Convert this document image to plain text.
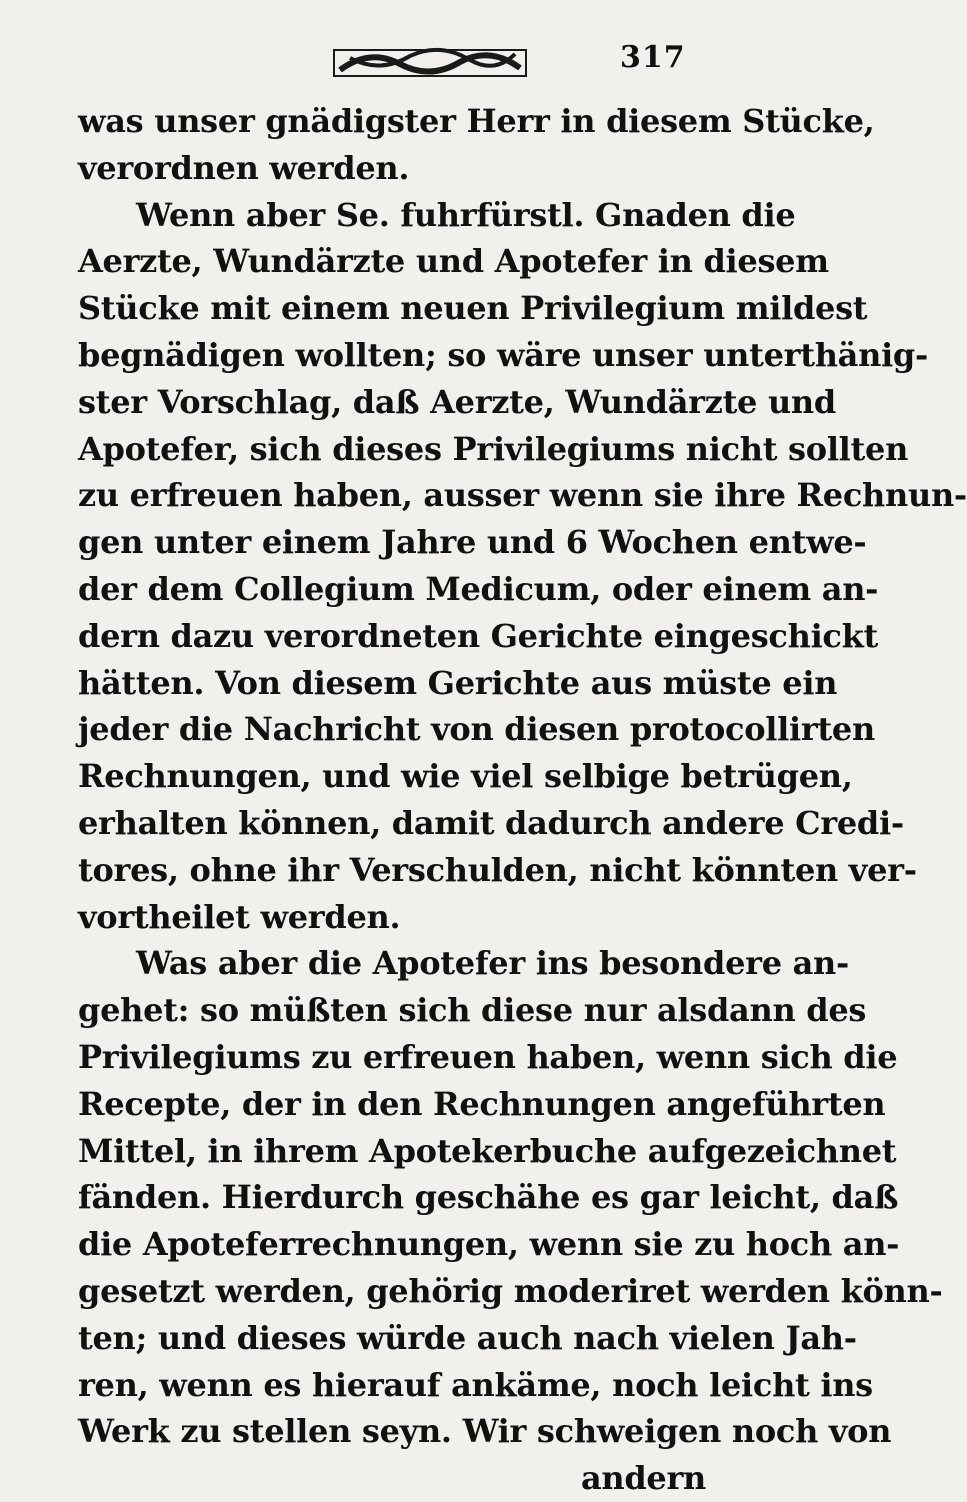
317
was unser gnädigster Herr in diesem Stücke,
verordnen werden.
Wenn aber Se. fuhrfürstl. Gnaden die
Aerzte, Wundärzte und Apotefer in diesem
Stücke mit einem neuen Privilegium mildest
begnädigen wollten; so wäre unser unterthänig-
ster Vorschlag, daß Aerzte, Wundärzte und
Apotefer, sich dieses Privilegiums nicht sollten
zu erfreuen haben, ausser wenn sie ihre Rechnun-
gen unter einem Jahre und 6 Wochen entwe-
der dem Collegium Medicum, oder einem an-
dern dazu verordneten Gerichte eingeschickt
hätten. Von diesem Gerichte aus müste ein
jeder die Nachricht von diesen protocollirten
Rechnungen, und wie viel selbige betrügen,
erhalten können, damit dadurch andere Credi-
tores, ohne ihr Verschulden, nicht könnten ver-
vortheilet werden.
Was aber die Apotefer ins besondere an-
gehet: so müßten sich diese nur alsdann des
Privilegiums zu erfreuen haben, wenn sich die
Recepte, der in den Rechnungen angeführten
Mittel, in ihrem Apotekerbuche aufgezeichnet
fänden. Hierdurch geschähe es gar leicht, daß
die Apoteferrechnungen, wenn sie zu hoch an-
gesetzt werden, gehörig moderiret werden könn-
ten; und dieses würde auch nach vielen Jah-
ren, wenn es hierauf ankäme, noch leicht ins
Werk zu stellen seyn. Wir schweigen noch von
andern
